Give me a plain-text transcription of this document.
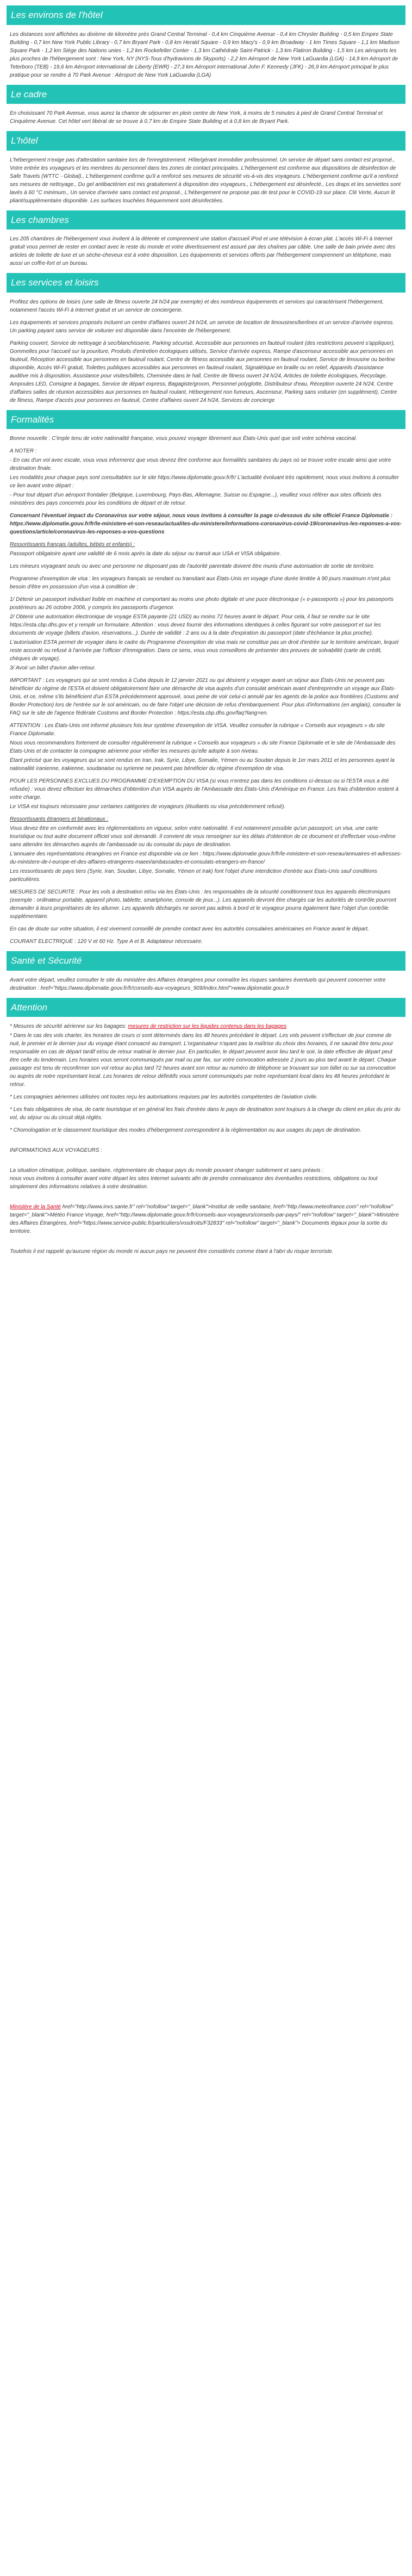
Les environs de l'hôtel

Les distances sont affichées au dixième de kilomètre près Grand Central Terminal - 0,4 km Cinquième Avenue - 0,4 km Chrysler Building - 0,5 km Empire State Building - 0,7 km New York Public Library - 0,7 km Bryant Park - 0,8 km Herald Square - 0,9 km Macy's - 0,9 km Broadway - 1 km Times Square - 1,1 km Madison Square Park - 1,2 km Siège des Nations unies - 1,2 km Rockefeller Center - 1,3 km Cathédrale Saint-Patrick - 1,3 km Flatiron Building - 1,5 km Les aéroports les plus proches de l'hébergement sont : New York, NY (NYS-Tous d'hydravions de Skyports) - 2,2 km Aéroport de New York LaGuardia (LGA) - 14,9 km Aéroport de Teterboro (TEB) - 19,6 km Aéroport international de Liberty (EWR) - 27,3 km Aéroport international John F. Kennedy (JFK) - 26,9 km Aéroport principal le plus pratique pour se rendre à 70 Park Avenue : Aéroport de New York LaGuardia (LGA)

Le cadre

En choisissant 70 Park Avenue, vous aurez la chance de séjourner en plein centre de New York, à moins de 5 minutes à pied de Grand Central Terminal et Cinquième Avenue. Cet hôtel vert libéral de se trouve à 0,7 km de Empire State Building et à 0,8 km de Bryant Park.

L'hôtel

L'hébergement n'exige pas d'attestation sanitaire lors de l'enregistrement. Hôte/gérant immobilier professionnel. Un service de départ sans contact est proposé., Votre entrée les voyageurs et les membres du personnel dans les zones de contact principales. L'hébergement est conforme aux dispositions de désinfection de Safe Travels (WTTC - Global)., L'hébergement confirme qu'il a renforcé ses mesures de sécurité vis-à-vis des voyageurs. L'hébergement confirme qu'il a renforcé ses mesures de nettoyage., Du gel antibactérien est mis gratuitement à disposition des voyageurs., L'hébergement est désinfecté., Les draps et les serviettes sont lavés à 60 °C minimum., Un service d'arrivée sans contact est proposé., L'hébergement ne propose pas de test pour le COVID-19 sur place. Clé Verte, Aucun lit pliant/supplémentaire disponible. Les surfaces touchées fréquemment sont désinfectées.

Les chambres

Les 205 chambres de l'hébergement vous invitent à la détente et comprennent une station d'accueil iPod et une télévision à écran plat. L'accès Wi-Fi à Internet gratuit vous permet de rester en contact avec le reste du monde et votre divertissement est assuré par des chaînes par câble. Une salle de bain privée avec des articles de toilette de luxe et un sèche-cheveux est à votre disposition. Les équipements et services offerts par l'hébergement comprennent un téléphone, mais aussi un coffre-fort et un bureau.

Les services et loisirs

Profitez des options de loisirs (une salle de fitness ouverte 24 h/24 par exemple) et des nombreux équipements et services qui caractérisent l'hébergement, notamment l'accès Wi-Fi à Internet gratuit et un service de conciergerie.

Les équipements et services proposés incluent un centre d'affaires ouvert 24 h/24, un service de location de limousines/berlines et un service d'arrivée express. Un parking payant sans service de voiturier est disponible dans l'enceinte de l'hébergement.

Parking couvert, Service de nettoyage à sec/blanchisserie, Parking sécurisé, Accessible aux personnes en fauteuil roulant (des restrictions peuvent s'appliquer), Gommelles pour l'accueil sur la pouriture, Produits d'entretien écologiques utilisés, Service d'arrivée express, Rampe d'ascenseur accessible aux personnes en fauteuil, Réception accessible aux personnes en fauteuil roulant, Centre de fitness accessible aux personnes en fauteuil roulant, Service de limousine ou berline disponible, Accès Wi-Fi gratuit, Toilettes publiques accessibles aux personnes en fauteuil roulant, Signalétique en braille ou en relief, Appareils d'assistance auditive mis à disposition, Assistance pour visites/billets, Cheminée dans le hall, Centre de fitness ouvert 24 h/24, Articles de toilette écologiques, Recyclage, Ampoules LED, Consigne à bagages, Service de départ express, Bagagiste/groom, Personnel polyglotte, Distributeur d'eau, Réception ouverte 24 h/24, Centre d'affaires salles de réunion accessibles aux personnes en fauteuil roulant, Hébergement non fumeurs, Ascenseur, Parking sans voiturier (en supplément), Centre de fitness, Rampe d'accès pour personnes en fauteuil, Centre d'affaires ouvert 24 h/24, Services de concierge

Formalités

Bonne nouvelle : C'imple tenu de votre nationalité française, vous pouvez voyager librement aux États-Unis quel que soit votre schéma vaccinal.

A NOTER :

- En cas d'un vol avec escale, vous vous informerez que vous devrez être conforme aux formalités sanitaires du pays où se trouve votre escale ainsi que votre destination finale.

Les modalités pour chaque pays sont consultables sur le site https://www.diplomatie.gouv.fr/fr/ L'actualité évoluant très rapidement, nous vous invitons à consulter ce lien avant votre départ :

- Pour tout départ d'un aéroport frontalier (Belgique, Luxembourg, Pays-Bas, Allemagne, Suisse ou Espagne...), veuillez vous référer aux sites officiels des ministères des pays concernés pour les conditions de départ et de retour.

Concernant l'éventuel impact du Coronavirus sur votre séjour, nous vous invitons à consulter la page ci-dessous du site officiel France Diplomatie :

https://www.diplomatie.gouv.fr/fr/le-ministere-et-son-reseau/actualites-du-ministere/informations-coronavirus-covid-19/coronavirus-les-reponses-a-vos-questions/article/coronavirus-les-reponses-a-vos-questions

Ressortissants français (adultes, bébés et enfants) :

Passeport obligatoire ayant une validité de 6 mois après la date du séjour ou transit aux USA et VISA obligatoire.

Les mineurs voyageant seuls ou avec une personne ne disposant pas de l'autorité parentale doivent être munis d'une autorisation de sortie de territoire.

Programme d'exemption de visa : les voyageurs français se rendant ou transitant aux États-Unis en voyage d'une durée limitée à 90 jours maximum n'ont plus besoin d'être en possession d'un visa à condition de :

1/ Détenir un passeport individuel lisible en machine et comportant au moins une photo digitale et une puce électronique (« e-passeports ») pour les passeports postérieurs au 26 octobre 2006, y compris les passeports d'urgence.

2/ Obtenir une autorisation électronique de voyage ESTA payante (21 USD) au moins 72 heures avant le départ. Pour cela, il faut se rendre sur le site https://esta.cbp.dhs.gov et y remplir un formulaire. Attention : vous devez fournir des informations identiques à celles figurant sur votre passeport et sur les documents de voyage (billets d'avion, réservations...). Durée de validité : 2 ans ou à la date d'expiration du passeport (date d'échéance la plus proche).

L'autorisation ESTA permet de voyager dans le cadre du Programme d'exemption de visa mais ne constitue pas un droit d'entrée sur le territoire américain, lequel reste accordé ou refusé à l'arrivée par l'officier d'immigration. Dans ce sens, vous vous conseillons de présenter des preuves de solvabilité (carte de crédit, chèques de voyage).

3/ Avoir un billet d'avion aller-retour.

IMPORTANT : Les voyageurs qui se sont rendus à Cuba depuis le 12 janvier 2021 ou qui désirent y voyager avant un séjour aux États-Unis ne peuvent pas bénéficier du régime de l'ESTA et doivent obligatoirement faire une démarche de visa auprès d'un consulat américain avant d'entreprendre un voyage aux États-Unis, et ce, même s'ils bénéficient d'un ESTA précédemment approuvé, sous peine de voir celui-ci annulé par les agents de la police aux frontières (Customs and Border Protection) lors de l'entrée sur le sol américain, ou de faire l'objet une décision de refus d'embarquement. Pour plus d'informations (en anglais), consulter la FAQ sur le site de l'agence fédérale Customs and Border Protection : https://esta.cbp.dhs.gov/faq?lang=en.

ATTENTION : Les États-Unis ont informé plusieurs fois leur système d'exemption de VISA. Veuillez consulter la rubrique « Conseils aux voyageurs » du site France Diplomatie.

Nous vous recommandons fortement de consulter régulièrement la rubrique « Conseils aux voyageurs » du site France Diplomatie et le site de l'Ambassade des États-Unis et de contacter la compagnie aérienne pour vérifier les mesures qu'elle adopte à son niveau.

Étant précisé que les voyageurs qui se sont rendus en Iran, Irak, Syrie, Libye, Somalie, Yémen ou au Soudan depuis le 1er mars 2011 et les personnes ayant la nationalité iranienne, irakienne, soudanaise ou syrienne ne peuvent pas bénéficier du régime d'exemption de visa.

POUR LES PERSONNES EXCLUES DU PROGRAMME D'EXEMPTION DU VISA (si vous n'entrez pas dans les conditions ci-dessus ou si l'ESTA vous a été refusée) : vous devez effectuer les démarches d'obtention d'un VISA auprès de l'Ambassade des États-Unis d'Amérique en France. Les frais d'obtention restent à votre charge.

Le VISA est toujours nécessaire pour certaines catégories de voyageurs (étudiants ou visa précédemment refusé).

Ressortissants étrangers et binationaux :

Vous devez être en conformité avec les réglementations en vigueur, selon votre nationalité. Il est notamment possible qu'un passeport, un visa, une carte touristique ou tout autre document officiel vous soit demandé. Il convient de vous renseigner sur les délais d'obtention de ce document et d'effectuer vous-même sans attendre les démarches auprès de l'ambassade ou du consulat du pays de destination.

L'annuaire des représentations étrangères en France est disponible via ce lien : https://www.diplomatie.gouv.fr/fr/le-ministere-et-son-reseau/annuaires-et-adresses-du-ministere-de-l-europe-et-des-affaires-etrangeres-maeei/ambassades-et-consulats-etrangers-en-france/

Les ressortissants de pays tiers (Syrie, Iran, Soudan, Libye, Somalie, Yémen et Irak) font l'objet d'une interdiction d'entrée aux États-Unis sauf conditions particulières.

MESURES DE SECURITE : Pour les vols à destination et/ou via les États-Unis : les responsables de la sécurité conditionnent tous les appareils électroniques (exemple : ordinateur portable, appareil photo, tablette, smartphone, console de jeux...). Les appareils devront être chargés car les autorités de contrôle pourront demander à leurs propriétaires de les allumer. Les appareils déchargés ne seront pas admis à bord et le voyageur pourra également faire l'objet d'un contrôle supplémentaire.

En cas de doute sur votre situation, il est vivement conseillé de prendre contact avec les autorités consulaires américaines en France avant le départ.

COURANT ELECTRIQUE : 120 V et 60 Hz. Type A et B. Adaptateur nécessaire.

Santé et Sécurité

Avant votre départ, veuillez consulter le site du ministère des Affaires étrangères pour connaître les risques sanitaires éventuels qui peuvent concerner votre destination : href="https://www.diplomatie.gouv.fr/fr/conseils-aux-voyageurs_909/index.html">www.diplomatie.gouv.fr

Attention

* Mesures de sécurité aérienne sur les bagages: mesures de restriction sur les liquides contenus dans les bagages

* Dans le cas des vols charter, les horaires de cours ci sont déterminés dans les 48 heures précédant le départ. Les vols peuvent s'effectuer de jour comme de nuit, le premier et le dernier jour du voyage étant consacré au transport. L'organisateur n'ayant pas la maîtrise du choix des horaires, il ne saurait être tenu pour responsable en cas de départ tardif et/ou de retour matinal le dernier jour. En particulier, le départ peuvent avoir lieu tard le soir, la date effective de départ peut être celle du lendemain. Les horaires vous seront communiqués par mail ou par fax, sur votre convocation adressée 2 jours au plus tard avant le départ. Chaque passager est tenu de reconfirmer son vol retour au plus tard 72 heures avant son retour au numéro de téléphone se trouvant sur son billet ou sur sa convocation ou auprès de notre représentant local. Les horaires de retour définitifs vous seront communiqués par notre représentant local dans les 48 heures précédant le retour.

* Les compagnies aériennes utilisées ont toutes reçu les autorisations requises par les autorités compétentes de l'aviation civile.

* Les frais obligatoires de visa, de carte touristique et en général les frais d'entrée dans le pays de destination sont toujours à la charge du client en plus du prix du vol, du séjour ou du circuit déjà réglés.

* Chomologation et le classement touristique des modes d'hébergement correspondent à la réglementation ou aux usages du pays de destination.

INFORMATIONS AUX VOYAGEURS :

La situation climatique, politique, sanitaire, réglementaire de chaque pays du monde pouvant changer subitement et sans préavis :

nous vous invitons à consulter avant votre départ les sites Internet suivants afin de prendre connaissance des éventuelles restrictions, obligations ou tout simplement des informations relatives à votre destination.

Ministère de la Santé href="http://www.invs.sante.fr" rel="nofollow" target="_blank">Institut de veille sanitaire, href="http://www.meteofrance.com" rel="nofollow" target="_blank">Météo France Voyage, href="http://www.diplomatie.gouv.fr/fr/conseils-aux-voyageurs/conseils-par-pays/" rel="nofollow" target="_blank">Ministère des Affaires Étrangères, href="https://www.service-public.fr/particuliers/vosdroits/F32833" rel="nofollow" target="_blank"> Documents légaux pour la sortie du territoire.

Toutefois il est rappelé qu'aucune région du monde ni aucun pays ne peuvent être considérés comme étant à l'abri du risque terroriste.
